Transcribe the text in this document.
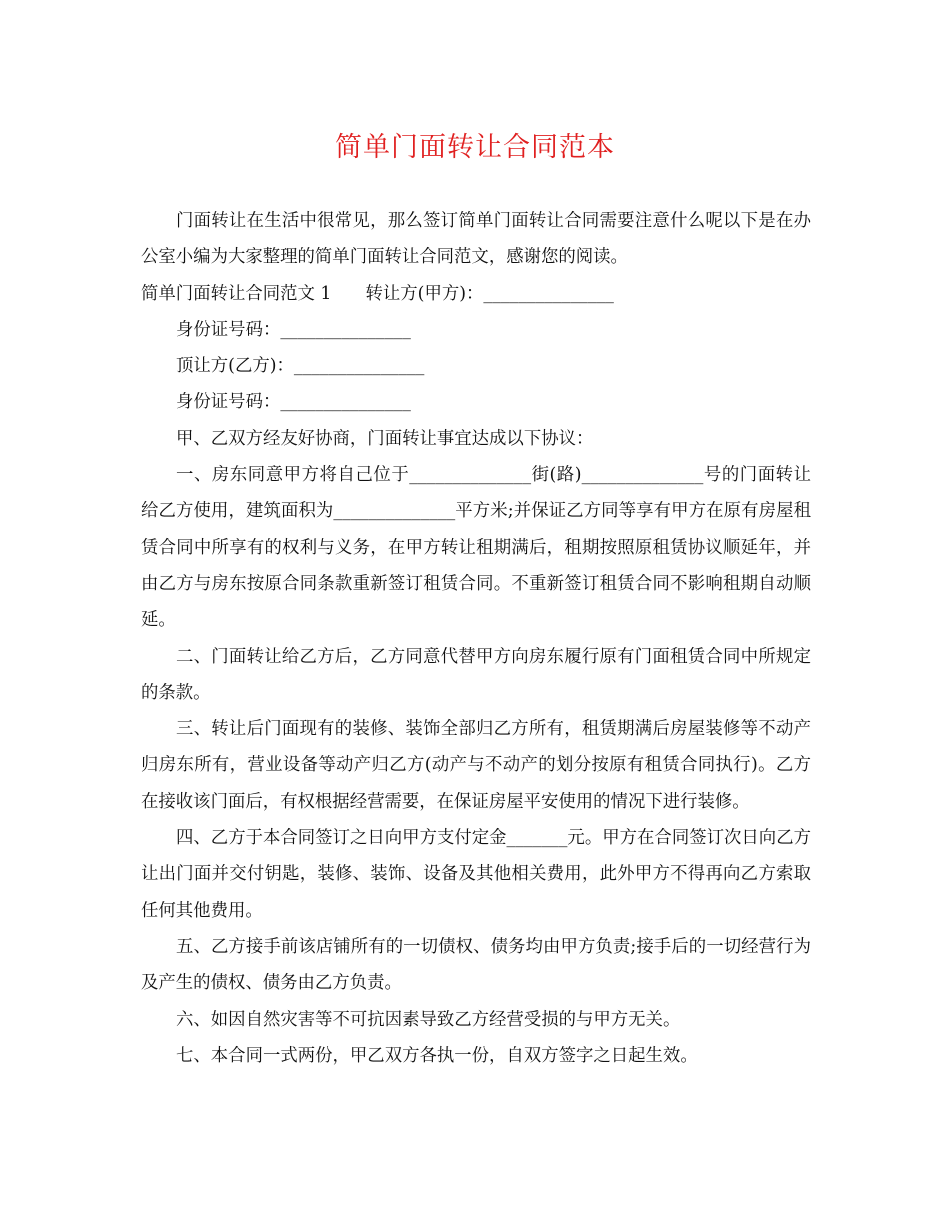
简单门面转让合同范本

门面转让在生活中很常见，那么签订简单门面转让合同需要注意什么呢以下是在办公室小编为大家整理的简单门面转让合同范文，感谢您的阅读。

简单门面转让合同范文 1 转让方(甲方)：_______________

身份证号码：_______________

顶让方(乙方)：_______________

身份证号码：_______________

甲、乙双方经友好协商，门面转让事宜达成以下协议：

一、房东同意甲方将自己位于______________街(路)______________号的门面转让给乙方使用，建筑面积为______________平方米;并保证乙方同等享有甲方在原有房屋租赁合同中所享有的权利与义务，在甲方转让租期满后，租期按照原租赁协议顺延年，并由乙方与房东按原合同条款重新签订租赁合同。不重新签订租赁合同不影响租期自动顺延。

二、门面转让给乙方后，乙方同意代替甲方向房东履行原有门面租赁合同中所规定的条款。

三、转让后门面现有的装修、装饰全部归乙方所有，租赁期满后房屋装修等不动产归房东所有，营业设备等动产归乙方(动产与不动产的划分按原有租赁合同执行)。乙方在接收该门面后，有权根据经营需要，在保证房屋平安使用的情况下进行装修。

四、乙方于本合同签订之日向甲方支付定金_______元。甲方在合同签订次日向乙方让出门面并交付钥匙，装修、装饰、设备及其他相关费用，此外甲方不得再向乙方索取任何其他费用。

五、乙方接手前该店铺所有的一切债权、债务均由甲方负责;接手后的一切经营行为及产生的债权、债务由乙方负责。

六、如因自然灾害等不可抗因素导致乙方经营受损的与甲方无关。

七、本合同一式两份，甲乙双方各执一份，自双方签字之日起生效。
